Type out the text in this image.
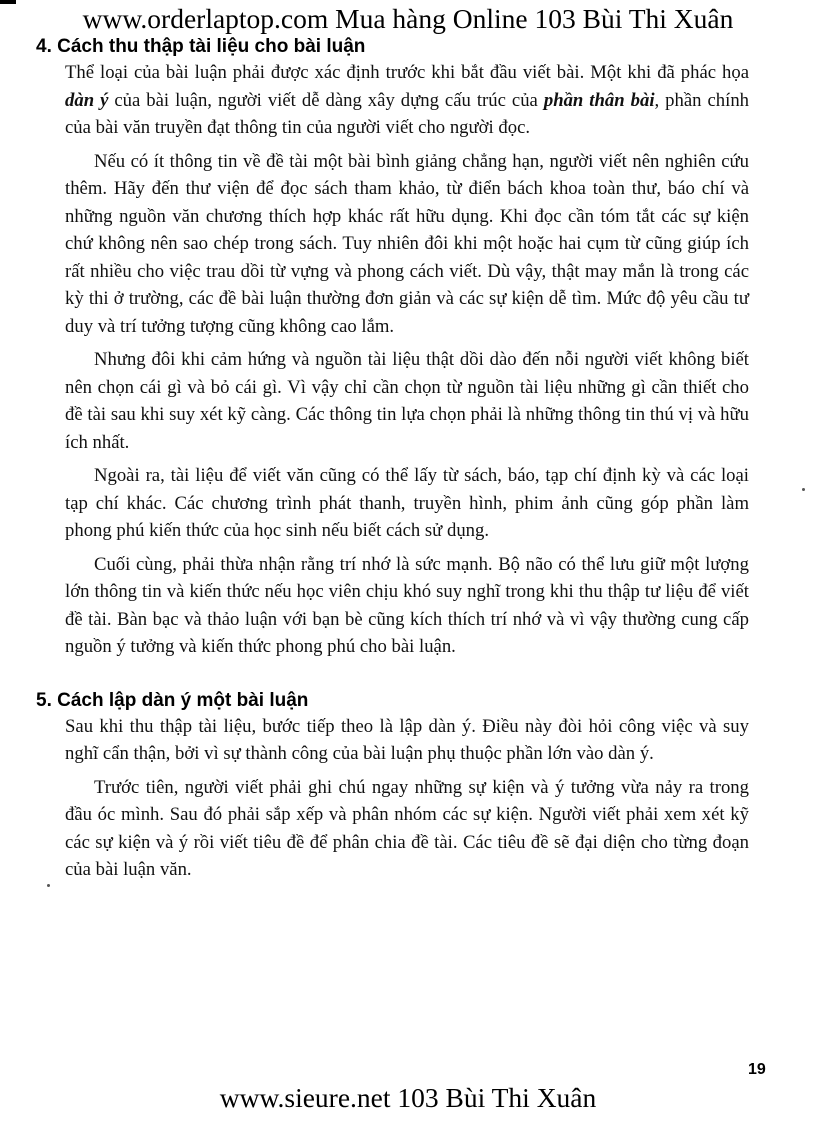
www.orderlaptop.com Mua hàng Online 103 Bùi Thi Xuân
4. Cách thu thập tài liệu cho bài luận

Thể loại của bài luận phải được xác định trước khi bắt đầu viết bài. Một khi đã phác họa dàn ý của bài luận, người viết dễ dàng xây dựng cấu trúc của phần thân bài, phần chính của bài văn truyền đạt thông tin của người viết cho người đọc.

Nếu có ít thông tin về đề tài một bài bình giảng chẳng hạn, người viết nên nghiên cứu thêm. Hãy đến thư viện để đọc sách tham khảo, từ điển bách khoa toàn thư, báo chí và những nguồn văn chương thích hợp khác rất hữu dụng. Khi đọc cần tóm tắt các sự kiện chứ không nên sao chép trong sách. Tuy nhiên đôi khi một hoặc hai cụm từ cũng giúp ích rất nhiều cho việc trau dồi từ vựng và phong cách viết. Dù vậy, thật may mắn là trong các kỳ thi ở trường, các đề bài luận thường đơn giản và các sự kiện dễ tìm. Mức độ yêu cầu tư duy và trí tưởng tượng cũng không cao lắm.

Nhưng đôi khi cảm hứng và nguồn tài liệu thật dồi dào đến nỗi người viết không biết nên chọn cái gì và bỏ cái gì. Vì vậy chỉ cần chọn từ nguồn tài liệu những gì cần thiết cho đề tài sau khi suy xét kỹ càng. Các thông tin lựa chọn phải là những thông tin thú vị và hữu ích nhất.

Ngoài ra, tài liệu để viết văn cũng có thể lấy từ sách, báo, tạp chí định kỳ và các loại tạp chí khác. Các chương trình phát thanh, truyền hình, phim ảnh cũng góp phần làm phong phú kiến thức của học sinh nếu biết cách sử dụng.

Cuối cùng, phải thừa nhận rằng trí nhớ là sức mạnh. Bộ não có thể lưu giữ một lượng lớn thông tin và kiến thức nếu học viên chịu khó suy nghĩ trong khi thu thập tư liệu để viết đề tài. Bàn bạc và thảo luận với bạn bè cũng kích thích trí nhớ và vì vậy thường cung cấp nguồn ý tưởng và kiến thức phong phú cho bài luận.

5. Cách lập dàn ý một bài luận

Sau khi thu thập tài liệu, bước tiếp theo là lập dàn ý. Điều này đòi hỏi công việc và suy nghĩ cẩn thận, bởi vì sự thành công của bài luận phụ thuộc phần lớn vào dàn ý.

Trước tiên, người viết phải ghi chú ngay những sự kiện và ý tưởng vừa nảy ra trong đầu óc mình. Sau đó phải sắp xếp và phân nhóm các sự kiện. Người viết phải xem xét kỹ các sự kiện và ý rồi viết tiêu đề để phân chia đề tài. Các tiêu đề sẽ đại diện cho từng đoạn của bài luận văn.

19
www.sieure.net 103 Bùi Thi Xuân
